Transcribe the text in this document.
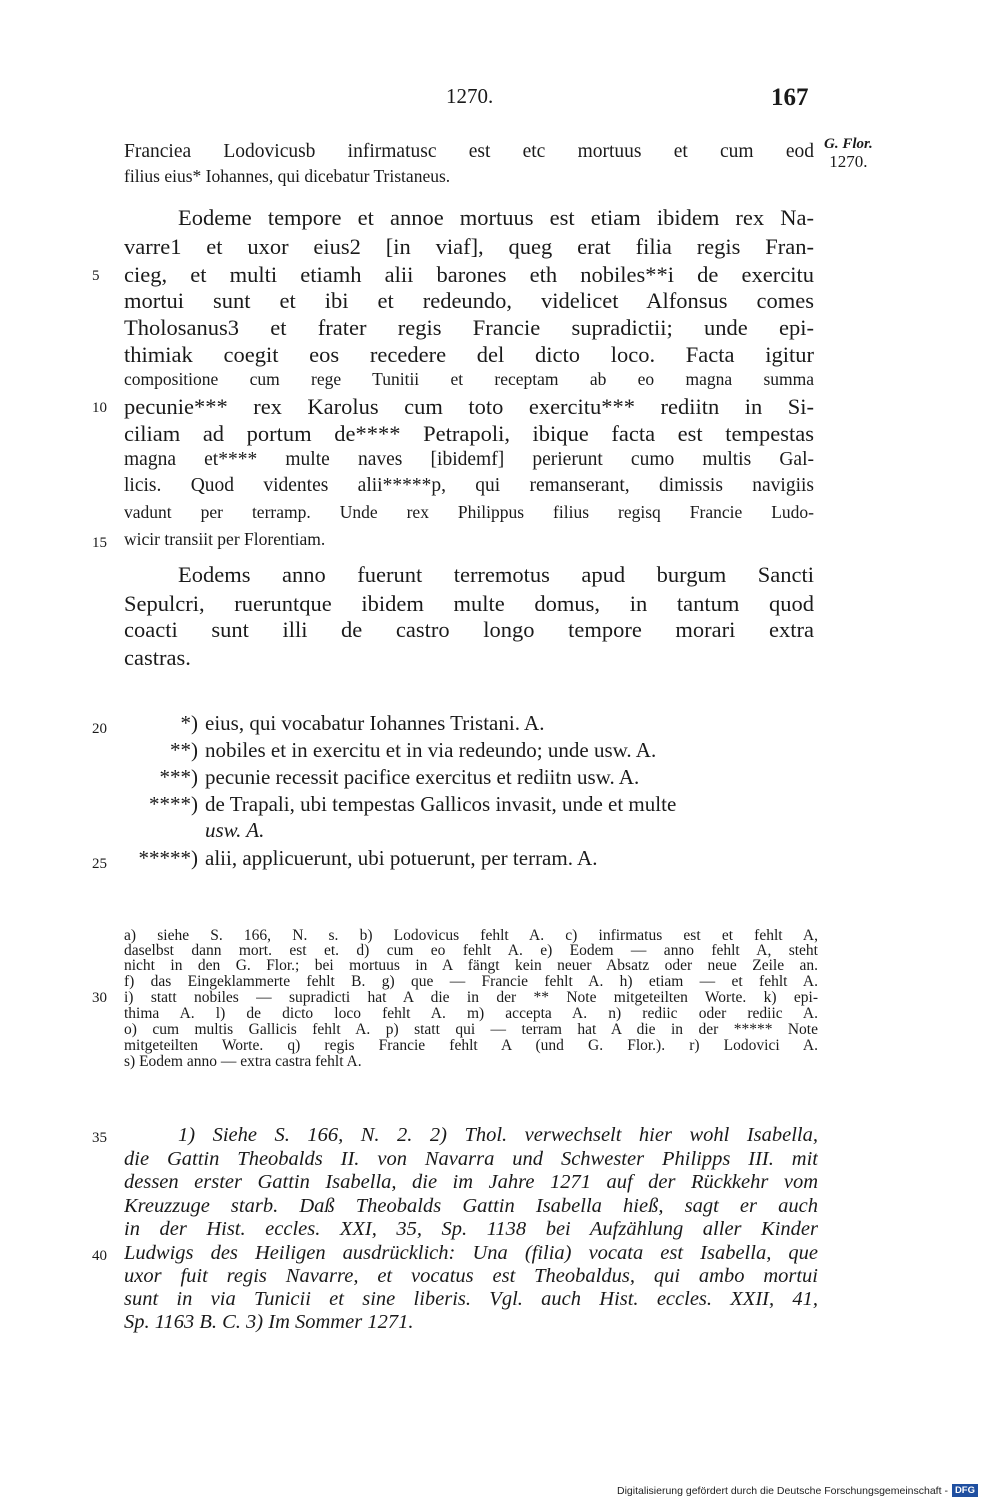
1270.	167
G. Flor.
1270.
Franciea Lodovicusb infirmatusc est etc mortuus et cum eod
filius eius* Iohannes, qui dicebatur Tristaneus.
Eodeme tempore et annoe mortuus est etiam ibidem rex Na-
varre1 et uxor eius2 [in viaf], queg erat filia regis Fran-
5	cieg, et multi etiamh alii barones eth nobiles**i de exercitu
mortui sunt et ibi et redeundo, videlicet Alfonsus comes
Tholosanus3 et frater regis Francie supradictii; unde epi-
thimiak coegit eos recedere del dicto loco. Facta igitur
compositione cum rege Tunitii et receptam ab eo magna summa
10 pecunie*** rex Karolus cum toto exercitu*** rediitn in Si-
ciliam ad portum de**** Petrapoli, ibique facta est tempestas
magna et**** multe naves [ibidemf] perierunt cumo multis Gal-
licis. Quod videntes alii*****p, qui remanserant, dimissis navigiis
vadunt per terramp. Unde rex Philippus filius regisq Francie Ludo-
15 wicir transiit per Florentiam.
Eodems anno fuerunt terremotus apud burgum Sancti
Sepulcri, rueruntque ibidem multe domus, in tantum quod
coacti sunt illi de castro longo tempore morari extra
castras.
20	*) eius, qui vocabatur Iohannes Tristani. A.
**) nobiles et in exercitu et in via redeundo; unde usw. A.
***) pecunie recessit pacifice exercitus et rediitn usw. A.
****) de Trapali, ubi tempestas Gallicos invasit, unde et multe
usw. A.
25	*****) alii, applicuerunt, ubi potuerunt, per terram. A.
a) siehe S. 166, N. s. b) Lodovicus fehlt A. c) infirmatus est et fehlt A,
daselbst dann mort. est et. d) cum eo fehlt A. e) Eodem — anno fehlt A, steht
nicht in den G. Flor.; bei mortuus in A fängt kein neuer Absatz oder neue Zeile an.
f) das Eingeklammerte fehlt B. g) que — Francie fehlt A. h) etiam — et fehlt A.
30	i) statt nobiles — supradicti hat A die in der ** Note mitgeteilten Worte. k) epi-
thima A. l) de dicto loco fehlt A. m) accepta A. n) rediic oder rediic A.
o) cum multis Gallicis fehlt A. p) statt qui — terram hat A die in der ***** Note
mitgeteilten Worte. q) regis Francie fehlt A (und G. Flor.). r) Lodovici A.
s) Eodem anno — extra castra fehlt A.
35	1) Siehe S. 166, N. 2. 2) Thol. verwechselt hier wohl Isabella,
die Gattin Theobalds II. von Navarra und Schwester Philipps III. mit
dessen erster Gattin Isabella, die im Jahre 1271 auf der Rückkehr vom
Kreuzzuge starb. Daß Theobalds Gattin Isabella hieß, sagt er auch
in der Hist. eccles. XXI, 35, Sp. 1138 bei Aufzählung aller Kinder
40 Ludwigs des Heiligen ausdrücklich: Una (filia) vocata est Isabella, que
uxor fuit regis Navarre, et vocatus est Theobaldus, qui ambo mortui
sunt in via Tunicii et sine liberis. Vgl. auch Hist. eccles. XXII, 41,
Sp. 1163 B. C. 3) Im Sommer 1271.
Digitalisierung gefördert durch die Deutsche Forschungsgemeinschaft - DFG
